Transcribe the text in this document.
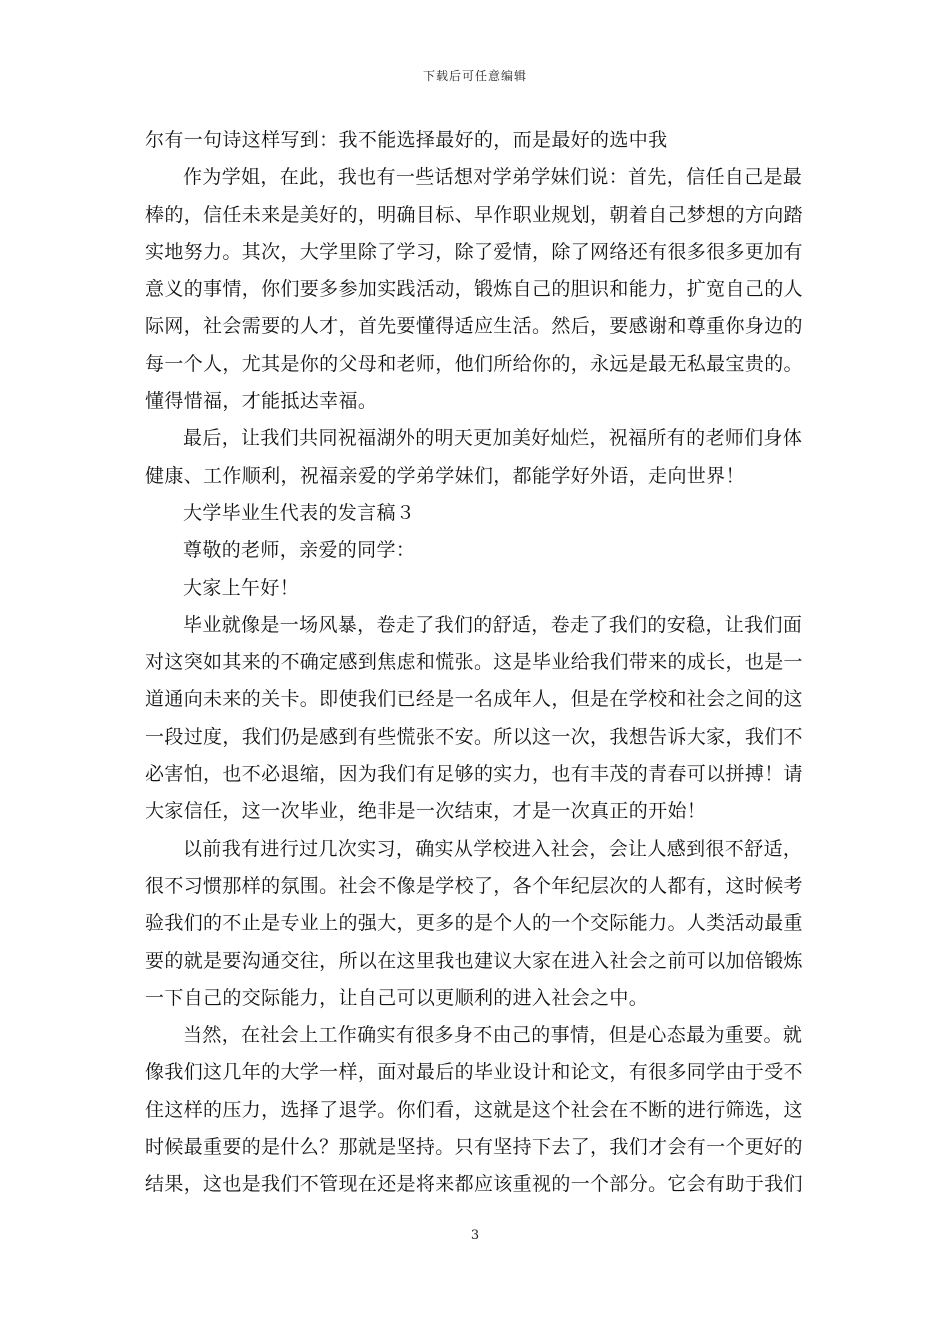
下载后可任意编辑
尔有一句诗这样写到：我不能选择最好的，而是最好的选中我
作为学姐，在此，我也有一些话想对学弟学妹们说：首先，信任自己是最
棒的，信任未来是美好的，明确目标、早作职业规划，朝着自己梦想的方向踏
实地努力。其次，大学里除了学习，除了爱情，除了网络还有很多很多更加有
意义的事情，你们要多参加实践活动，锻炼自己的胆识和能力，扩宽自己的人
际网，社会需要的人才，首先要懂得适应生活。然后，要感谢和尊重你身边的
每一个人，尤其是你的父母和老师，他们所给你的，永远是最无私最宝贵的。
懂得惜福，才能抵达幸福。
最后，让我们共同祝福湖外的明天更加美好灿烂，祝福所有的老师们身体
健康、工作顺利，祝福亲爱的学弟学妹们，都能学好外语，走向世界！
大学毕业生代表的发言稿３
尊敬的老师，亲爱的同学：
大家上午好！
毕业就像是一场风暴，卷走了我们的舒适，卷走了我们的安稳，让我们面
对这突如其来的不确定感到焦虑和慌张。这是毕业给我们带来的成长，也是一
道通向未来的关卡。即使我们已经是一名成年人，但是在学校和社会之间的这
一段过度，我们仍是感到有些慌张不安。所以这一次，我想告诉大家，我们不
必害怕，也不必退缩，因为我们有足够的实力，也有丰茂的青春可以拼搏！请
大家信任，这一次毕业，绝非是一次结束，才是一次真正的开始！
以前我有进行过几次实习，确实从学校进入社会，会让人感到很不舒适，
很不习惯那样的氛围。社会不像是学校了，各个年纪层次的人都有，这时候考
验我们的不止是专业上的强大，更多的是个人的一个交际能力。人类活动最重
要的就是要沟通交往，所以在这里我也建议大家在进入社会之前可以加倍锻炼
一下自己的交际能力，让自己可以更顺利的进入社会之中。
当然，在社会上工作确实有很多身不由己的事情，但是心态最为重要。就
像我们这几年的大学一样，面对最后的毕业设计和论文，有很多同学由于受不
住这样的压力，选择了退学。你们看，这就是这个社会在不断的进行筛选，这
时候最重要的是什么？那就是坚持。只有坚持下去了，我们才会有一个更好的
结果，这也是我们不管现在还是将来都应该重视的一个部分。它会有助于我们
3
